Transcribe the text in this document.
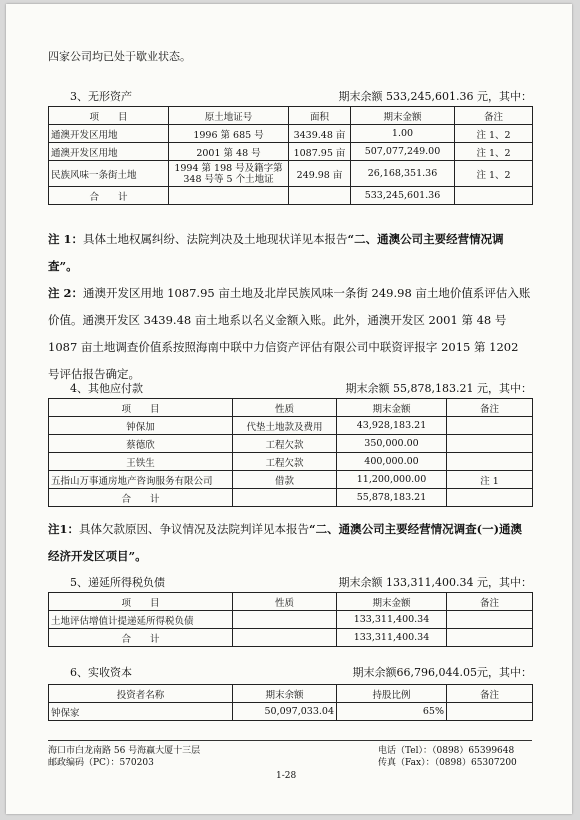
四家公司均已处于歇业状态。
3、无形资产	期末余额 533,245,601.36 元，其中：
项　　目	原土地证号	面积	期末金额	备注
通澳开发区用地	1996 第 685 号	3439.48 亩	1.00	注 1、2
通澳开发区用地	2001 第 48 号	1087.95 亩	507,077,249.00	注 1、2
民族风味一条街土地	1994 第 198 号及籍字第 348 号等 5 个土地证	249.98 亩	26,168,351.36	注 1、2
合　　计			533,245,601.36	
注 1：具体土地权属纠纷、法院判决及土地现状详见本报告“二、通澳公司主要经营情况调查”。
注 2：通澳开发区用地 1087.95 亩土地及北岸民族风味一条街 249.98 亩土地价值系评估入账价值。通澳开发区 3439.48 亩土地系以名义金额入账。此外，通澳开发区 2001 第 48 号 1087 亩土地调查价值系按照海南中联中力信资产评估有限公司中联资评报字 2015 第 1202 号评估报告确定。
4、其他应付款	期末余额 55,878,183.21 元，其中：
项　　目	性质	期末金额	备注
钟保加	代垫土地款及费用	43,928,183.21	
蔡德欣	工程欠款	350,000.00	
王铁生	工程欠款	400,000.00	
五指山万事通房地产咨询服务有限公司	借款	11,200,000.00	注 1
合　　计		55,878,183.21	
注1：具体欠款原因、争议情况及法院判详见本报告“二、通澳公司主要经营情况调查(一)通澳经济开发区项目”。
5、递延所得税负债	期末余额 133,311,400.34 元，其中：
项　　目	性质	期末金额	备注
土地评估增值计提递延所得税负债		133,311,400.34	
合　　计		133,311,400.34	
6、实收资本	期末余额66,796,044.05元，其中：
投资者名称	期末余额	持股比例	备注
钟保家	50,097,033.04	65%	
海口市白龙南路 56 号海赢大厦十三层
邮政编码（PC）：570203
电话（Tel）：（0898）65399648
传真（Fax）：（0898）65307200
1-28
